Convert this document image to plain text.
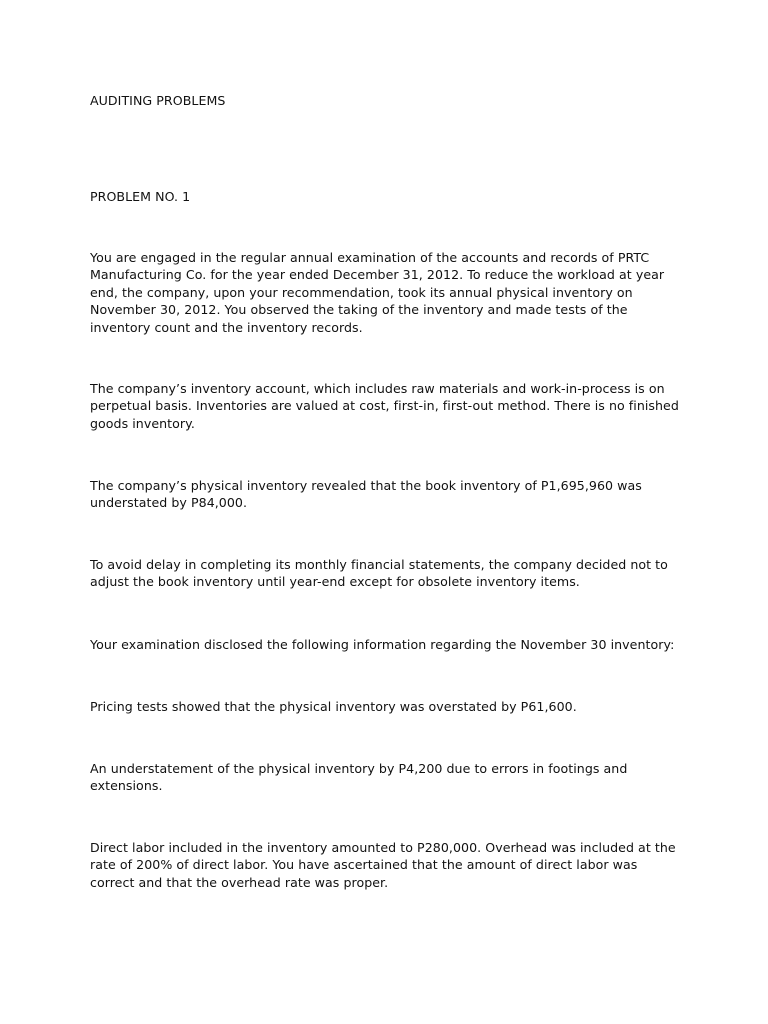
AUDITING PROBLEMS
PROBLEM NO. 1

You are engaged in the regular annual examination of the accounts and records of PRTC Manufacturing Co. for the year ended December 31, 2012. To reduce the workload at year end, the company, upon your recommendation, took its annual physical inventory on November 30, 2012. You observed the taking of the inventory and made tests of the inventory count and the inventory records.

The company’s inventory account, which includes raw materials and work-in-process is on perpetual basis. Inventories are valued at cost, first-in, first-out method. There is no finished goods inventory.

The company’s physical inventory revealed that the book inventory of P1,695,960 was understated by P84,000.

To avoid delay in completing its monthly financial statements, the company decided not to adjust the book inventory until year-end except for obsolete inventory items.

Your examination disclosed the following information regarding the November 30 inventory:

Pricing tests showed that the physical inventory was overstated by P61,600.

An understatement of the physical inventory by P4,200 due to errors in footings and extensions.

Direct labor included in the inventory amounted to P280,000. Overhead was included at the rate of 200% of direct labor. You have ascertained that the amount of direct labor was correct and that the overhead rate was proper.
